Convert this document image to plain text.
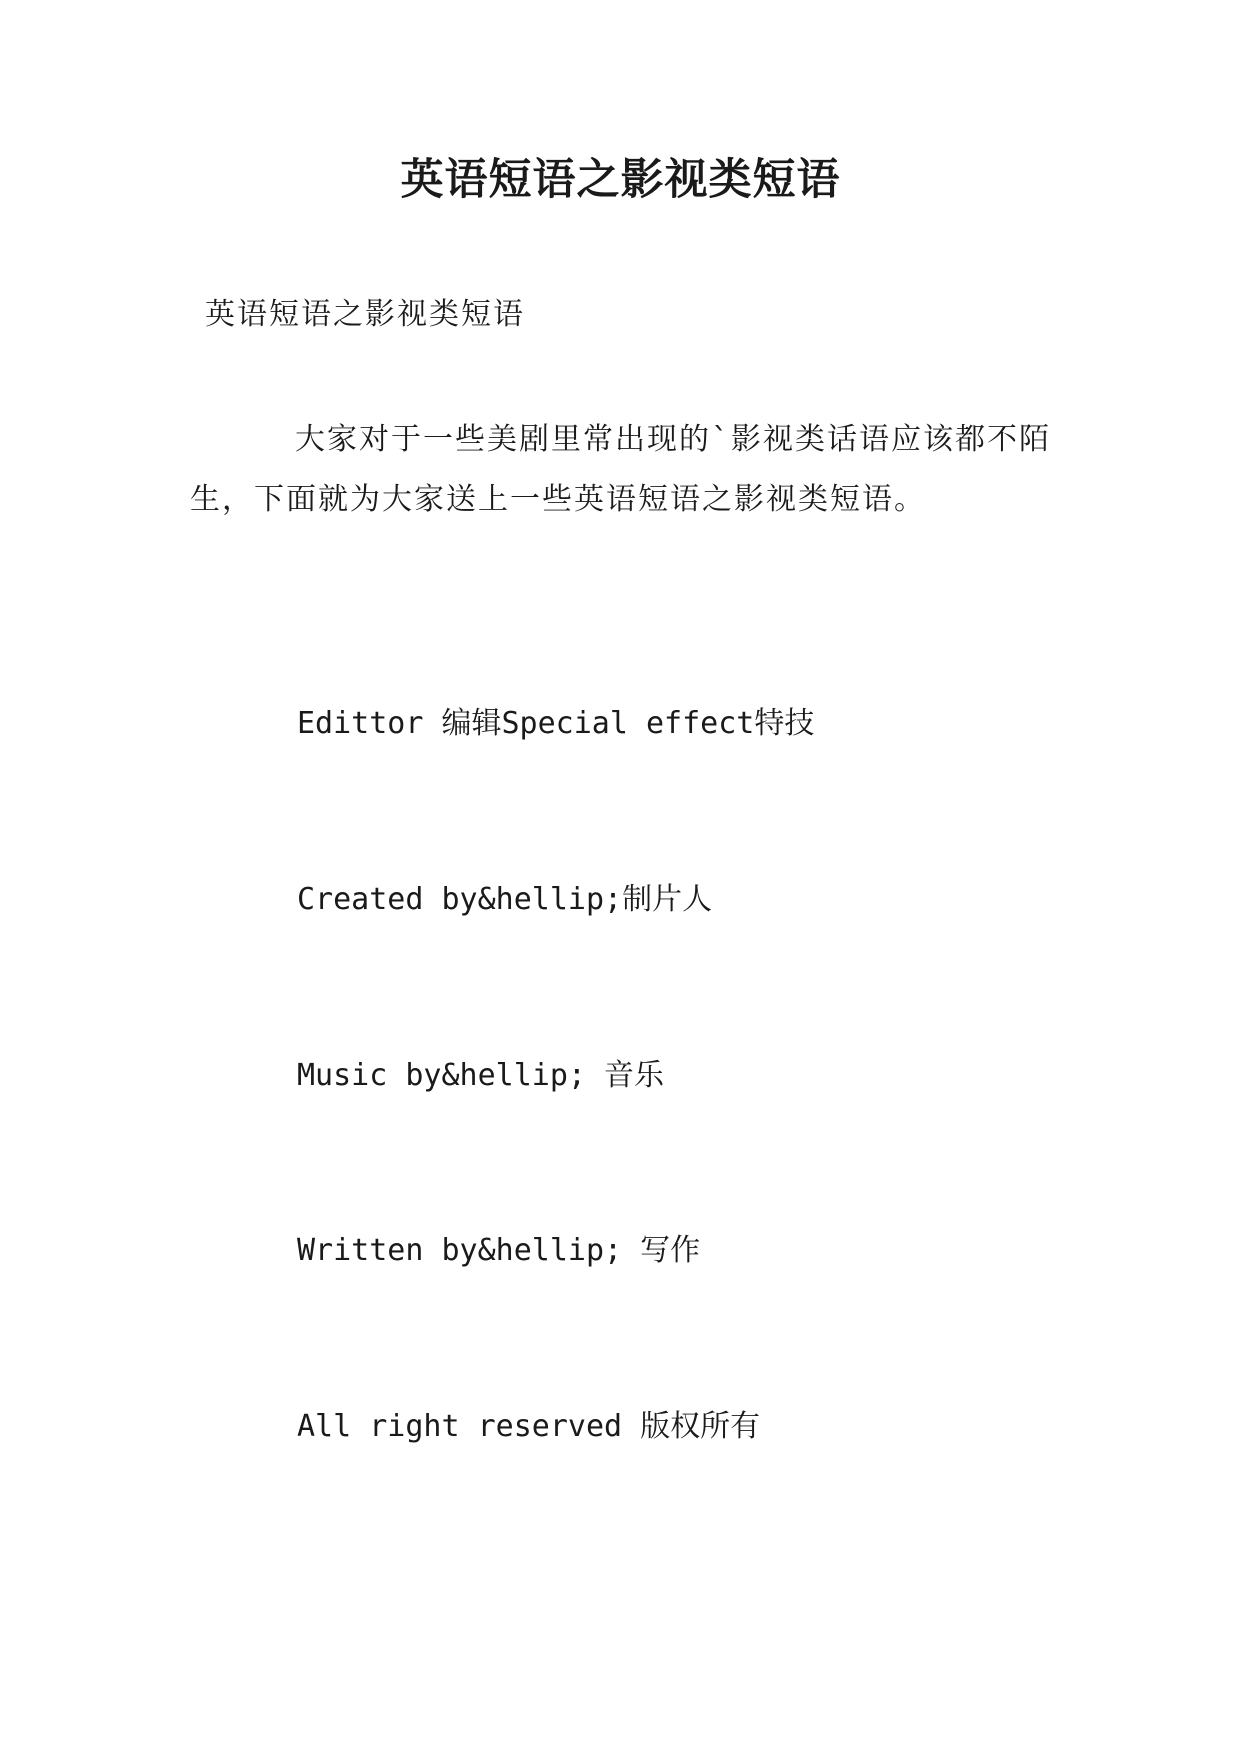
英语短语之影视类短语

英语短语之影视类短语

大家对于一些美剧里常出现的`影视类话语应该都不陌生，下面就为大家送上一些英语短语之影视类短语。

Edittor 编辑Special effect特技

Created by&hellip;制片人

Music by&hellip; 音乐

Written by&hellip; 写作

All right reserved 版权所有
